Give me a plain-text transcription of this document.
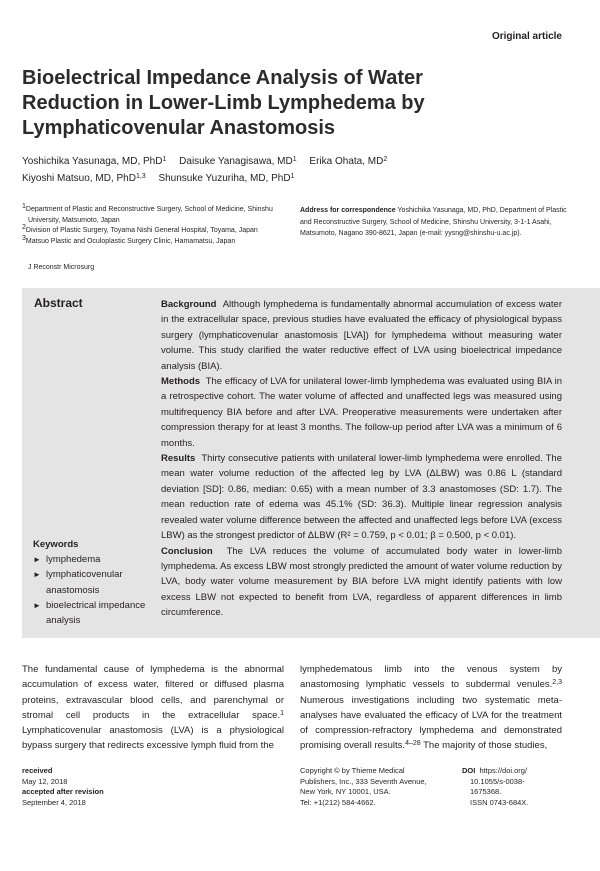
Original article
Bioelectrical Impedance Analysis of Water Reduction in Lower-Limb Lymphedema by Lymphaticovenular Anastomosis
Yoshichika Yasunaga, MD, PhD$^1$ Daisuke Yanagisawa, $MD^1$ Erika Ohata, $MD^2$
Kiyoshi Matsuo, MD, PhD$^{1,3}$ Shunsuke Yuzuriha, MD, PhD$^1$
$^1$Department of Plastic and Reconstructive Surgery, School of Medicine, Shinshu University, Matsumoto, Japan
$^2$Division of Plastic Surgery, Toyama Nishi General Hospital, Toyama, Japan
$^3$Matsuo Plastic and Oculoplastic Surgery Clinic, Hamamatsu, Japan
Address for correspondence Yoshichika Yasunaga, MD, PhD, Department of Plastic and Reconstructive Surgery, School of Medicine, Shinshu University, 3-1-1 Asahi, Matsumoto, Nagano 390-8621, Japan (e-mail: yysng@shinshu-u.ac.jp).
J Reconstr Microsurg
Abstract	Background Although lymphedema is fundamentally abnormal accumulation of excess water in the extracellular space, previous studies have evaluated the efficacy of physiological bypass surgery (lymphaticovenular anastomosis [LVA]) for lymphedema without measuring water volume. This study clarified the water reductive effect of LVA using bioelectrical impedance analysis (BIA).

Methods The efficacy of LVA for unilateral lower-limb lymphedema was evaluated using BIA in a retrospective cohort. The water volume of affected and unaffected legs was measured using multifrequency BIA before and after LVA. Preoperative measurements were undertaken after compression therapy for at least 3 months. The follow-up period after LVA was a minimum of 6 months.

Results Thirty consecutive patients with unilateral lower-limb lymphedema were enrolled. The mean water volume reduction of the affected leg by LVA (ΔLBW) was 0.86 L (standard deviation [SD]: 0.86, median: 0.65) with a mean number of 3.3 anastomoses (SD: 1.7). The mean reduction rate of edema was 45.1% (SD: 36.3). Multiple linear regression analysis revealed water volume difference between the affected and unaffected legs before LVA (excess LBW) as the strongest predictor of ΔLBW (R² = 0.759, p < 0.01; β = 0.500, p < 0.01).

Conclusion The LVA reduces the volume of accumulated body water in lower-limb lymphedema. As excess LBW most strongly predicted the amount of water volume reduction by LVA, body water volume measurement by BIA before LVA might identify patients with low excess LBW not expected to benefit from LVA, regardless of apparent differences in limb circumference.

Keywords
► lymphedema
► lymphaticovenular anastomosis
► bioelectrical impedance analysis

The fundamental cause of lymphedema is the abnormal accumulation of excess water, filtered or diffused plasma proteins, extravascular blood cells, and parenchymal or stromal cell products in the extracellular space.$^1$ Lymphaticovenular anastomosis (LVA) is a physiological bypass surgery that redirects excessive lymph fluid from the

lymphedematous limb into the venous system by anastomosing lymphatic vessels to subdermal venules.$^{2,3}$ Numerous investigations including two systematic meta-analyses have evaluated the efficacy of LVA for the treatment of compression-refractory lymphedema and demonstrated promising overall results.$^{4-28}$ The majority of those studies,

received
May 12, 2018
accepted after revision
September 4, 2018
Copyright © by Thieme Medical
Publishers, Inc., 333 Seventh Avenue,
New York, NY 10001, USA.
Tel: +1(212) 584-4662.
DOI https://doi.org/
10.1055/s-0038-
1675368.
ISSN 0743-684X.
